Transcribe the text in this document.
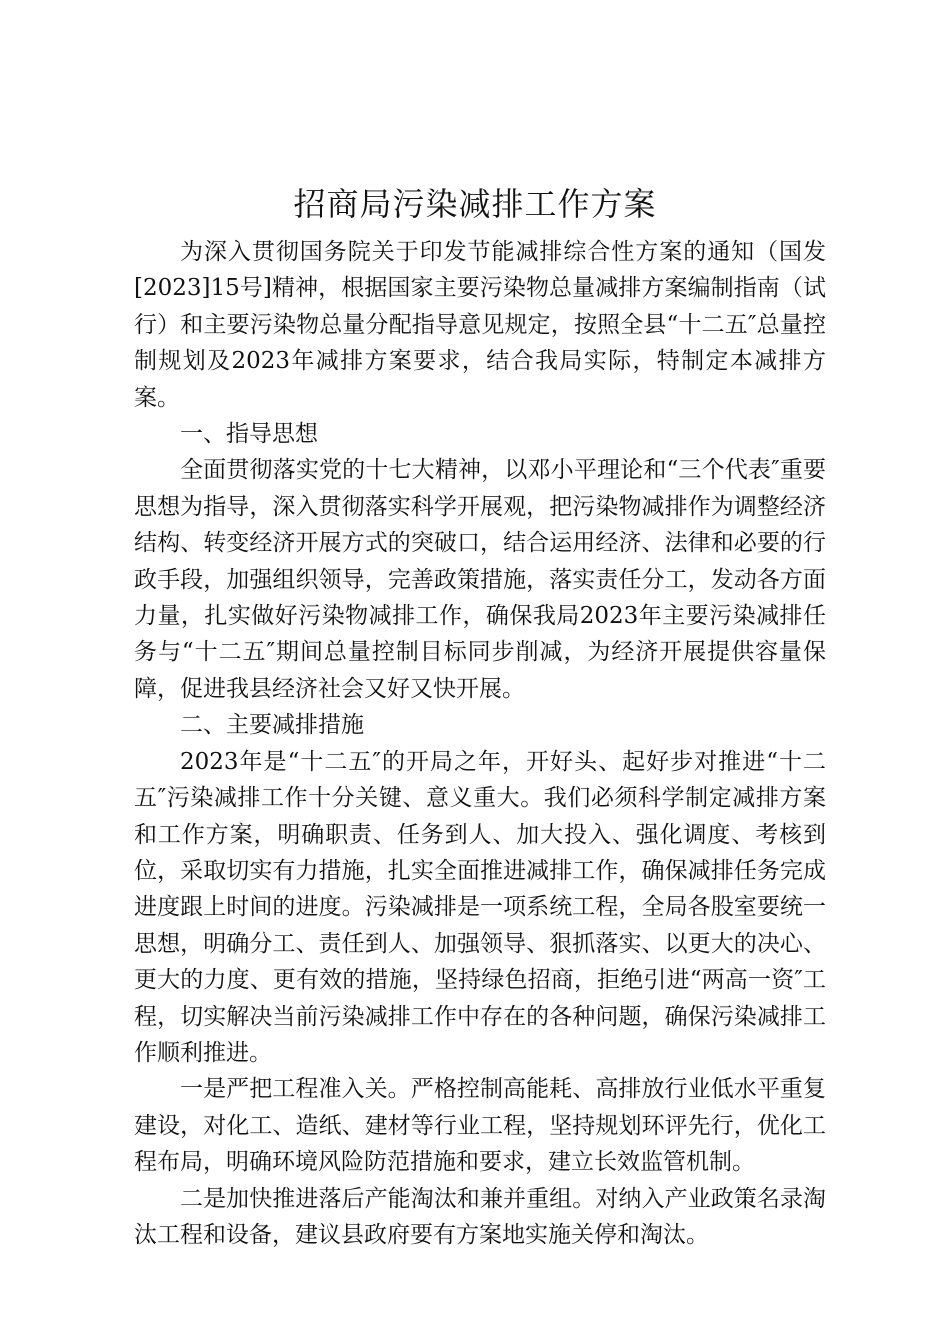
招商局污染减排工作方案

为深入贯彻国务院关于印发节能减排综合性方案的通知（国发[2023]15号]精神，根据国家主要污染物总量减排方案编制指南（试行）和主要污染物总量分配指导意见规定，按照全县“十二五″总量控制规划及2023年减排方案要求，结合我局实际，特制定本减排方案。

一、指导思想

全面贯彻落实党的十七大精神，以邓小平理论和“三个代表″重要思想为指导，深入贯彻落实科学开展观，把污染物减排作为调整经济结构、转变经济开展方式的突破口，结合运用经济、法律和必要的行政手段，加强组织领导，完善政策措施，落实责任分工，发动各方面力量，扎实做好污染物减排工作，确保我局2023年主要污染减排任务与“十二五″期间总量控制目标同步削减，为经济开展提供容量保障，促进我县经济社会又好又快开展。

二、主要减排措施

2023年是“十二五″的开局之年，开好头、起好步对推进“十二五″污染减排工作十分关键、意义重大。我们必须科学制定减排方案和工作方案，明确职责、任务到人、加大投入、强化调度、考核到位，采取切实有力措施，扎实全面推进减排工作，确保减排任务完成进度跟上时间的进度。污染减排是一项系统工程，全局各股室要统一思想，明确分工、责任到人、加强领导、狠抓落实、以更大的决心、更大的力度、更有效的措施，坚持绿色招商，拒绝引进“两高一资″工程，切实解决当前污染减排工作中存在的各种问题，确保污染减排工作顺利推进。

一是严把工程准入关。严格控制高能耗、高排放行业低水平重复建设，对化工、造纸、建材等行业工程，坚持规划环评先行，优化工程布局，明确环境风险防范措施和要求，建立长效监管机制。

二是加快推进落后产能淘汰和兼并重组。对纳入产业政策名录淘汰工程和设备，建议县政府要有方案地实施关停和淘汰。
